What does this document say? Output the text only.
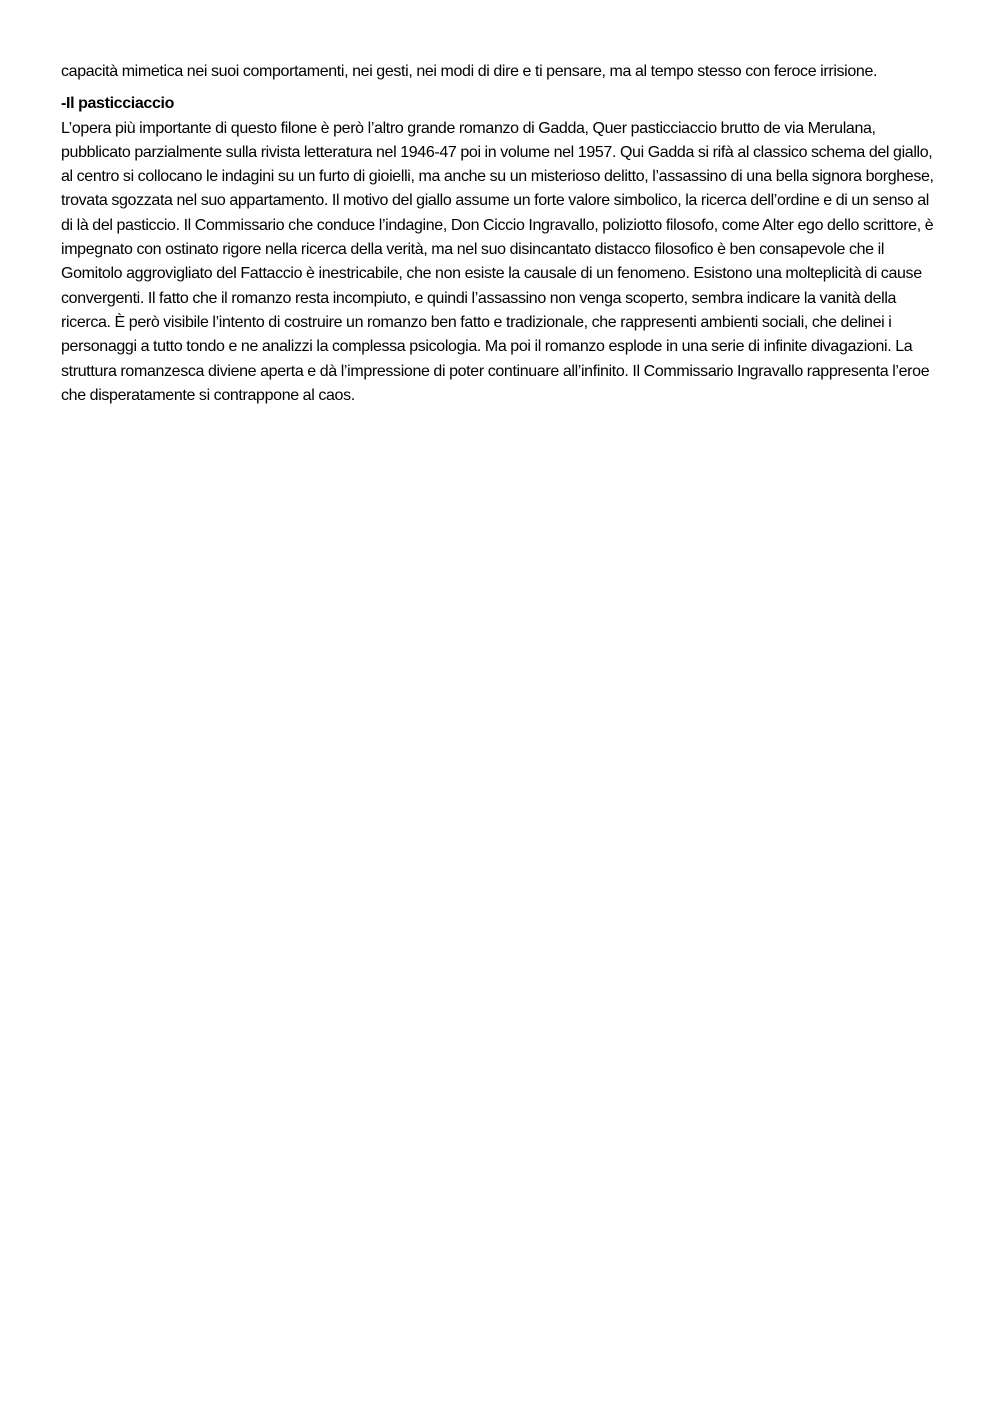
capacità mimetica nei suoi comportamenti, nei gesti, nei modi di dire e ti pensare, ma al tempo stesso con feroce irrisione.

-Il pasticciaccio

L’opera più importante di questo filone è però l’altro grande romanzo di Gadda, Quer pasticciaccio brutto de via Merulana, pubblicato parzialmente sulla rivista letteratura nel 1946-47 poi in volume nel 1957. Qui Gadda si rifà al classico schema del giallo, al centro si collocano le indagini su un furto di gioielli, ma anche su un misterioso delitto, l’assassino di una bella signora borghese, trovata sgozzata nel suo appartamento. Il motivo del giallo assume un forte valore simbolico, la ricerca dell’ordine e di un senso al di là del pasticcio. Il Commissario che conduce l’indagine, Don Ciccio Ingravallo, poliziotto filosofo, come Alter ego dello scrittore, è impegnato con ostinato rigore nella ricerca della verità, ma nel suo disincantato distacco filosofico è ben consapevole che il Gomitolo aggrovigliato del Fattaccio è inestricabile, che non esiste la causale di un fenomeno. Esistono una molteplicità di cause convergenti. Il fatto che il romanzo resta incompiuto, e quindi l’assassino non venga scoperto, sembra indicare la vanità della ricerca. È però visibile l’intento di costruire un romanzo ben fatto e tradizionale, che rappresenti ambienti sociali, che delinei i personaggi a tutto tondo e ne analizzi la complessa psicologia. Ma poi il romanzo esplode in una serie di infinite divagazioni. La struttura romanzesca diviene aperta e dà l’impressione di poter continuare all’infinito. Il Commissario Ingravallo rappresenta l’eroe che disperatamente si contrappone al caos.
